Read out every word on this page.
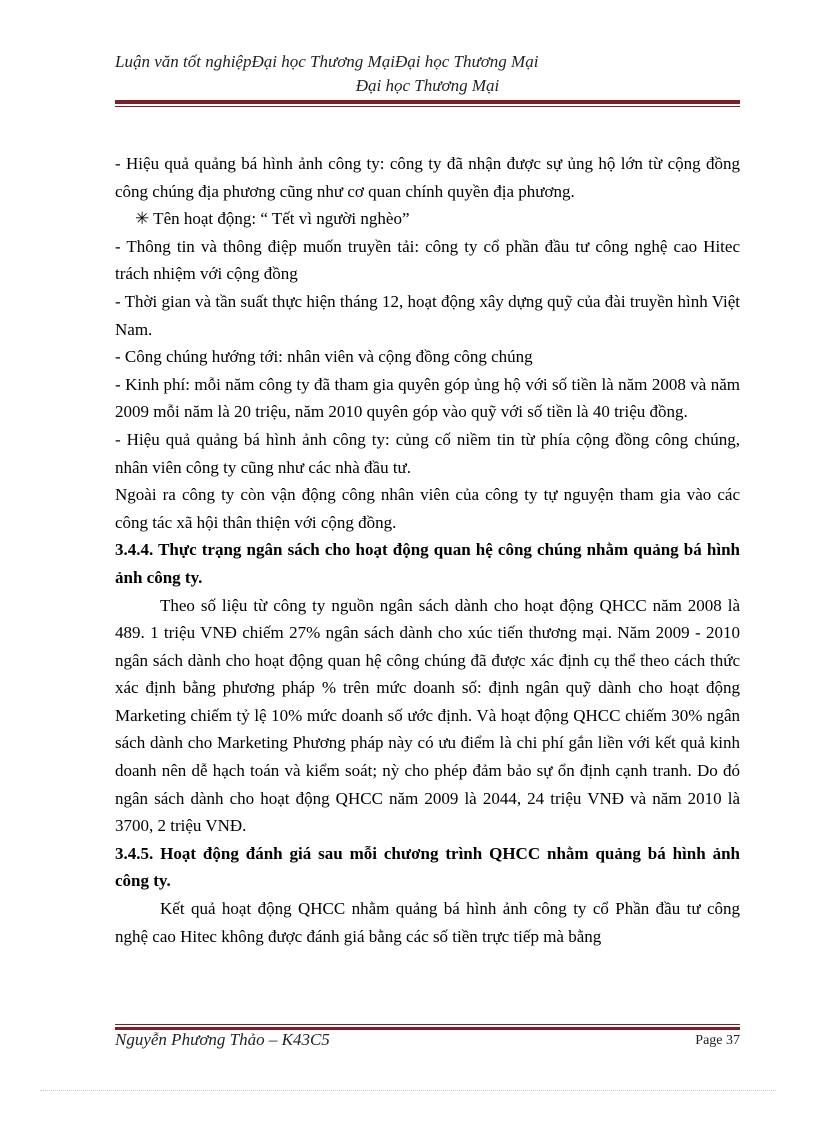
Luận văn tốt nghiệpĐại học Thương MạiĐại học Thương Mại
Đại học Thương Mại

- Hiệu quả quảng bá hình ảnh công ty: công ty đã nhận được sự ủng hộ lớn từ cộng đồng công chúng địa phương cũng như cơ quan chính quyền địa phương.

✳ Tên hoạt động: “ Tết vì người nghèo”

- Thông tin và thông điệp muốn truyền tải: công ty cổ phần đầu tư công nghệ cao Hitec trách nhiệm với cộng đồng

- Thời gian và tần suất thực hiện tháng 12, hoạt động xây dựng quỹ của đài truyền hình Việt Nam.

- Công chúng hướng tới: nhân viên và cộng đồng công chúng

- Kinh phí: mỗi năm công ty đã tham gia quyên góp ủng hộ với số tiền là năm 2008 và năm 2009 mỗi năm là 20 triệu, năm 2010 quyên góp vào quỹ với số tiền là 40 triệu đồng.

- Hiệu quả quảng bá hình ảnh công ty: củng cố niềm tin từ phía cộng đồng công chúng, nhân viên công ty cũng như các nhà đầu tư.

Ngoài ra công ty còn vận động công nhân viên của công ty tự nguyện tham gia vào các công tác xã hội thân thiện với cộng đồng.

3.4.4. Thực trạng ngân sách cho hoạt động quan hệ công chúng nhằm quảng bá hình ảnh công ty.

Theo số liệu từ công ty nguồn ngân sách dành cho hoạt động QHCC năm 2008 là 489. 1 triệu VNĐ chiếm 27% ngân sách dành cho xúc tiến thương mại. Năm 2009 - 2010 ngân sách dành cho hoạt động quan hệ công chúng đã được xác định cụ thể theo cách thức xác định bằng phương pháp % trên mức doanh số: định ngân quỹ dành cho hoạt động Marketing chiếm tỷ lệ 10% mức doanh số ước định. Và hoạt động QHCC chiếm 30% ngân sách dành cho Marketing Phương pháp này có ưu điểm là chi phí gắn liền với kết quả kinh doanh nên dễ hạch toán và kiểm soát; nỳ cho phép đảm bảo sự ổn định cạnh tranh. Do đó ngân sách dành cho hoạt động QHCC năm 2009 là 2044, 24 triệu VNĐ và năm 2010 là 3700, 2 triệu VNĐ.

3.4.5. Hoạt động đánh giá sau mỗi chương trình QHCC nhằm quảng bá hình ảnh công ty.

Kết quả hoạt động QHCC nhằm quảng bá hình ảnh công ty cổ Phần đầu tư công nghệ cao Hitec không được đánh giá bằng các số tiền trực tiếp mà bằng

Nguyễn Phương Thảo – K43C5	Page 37
